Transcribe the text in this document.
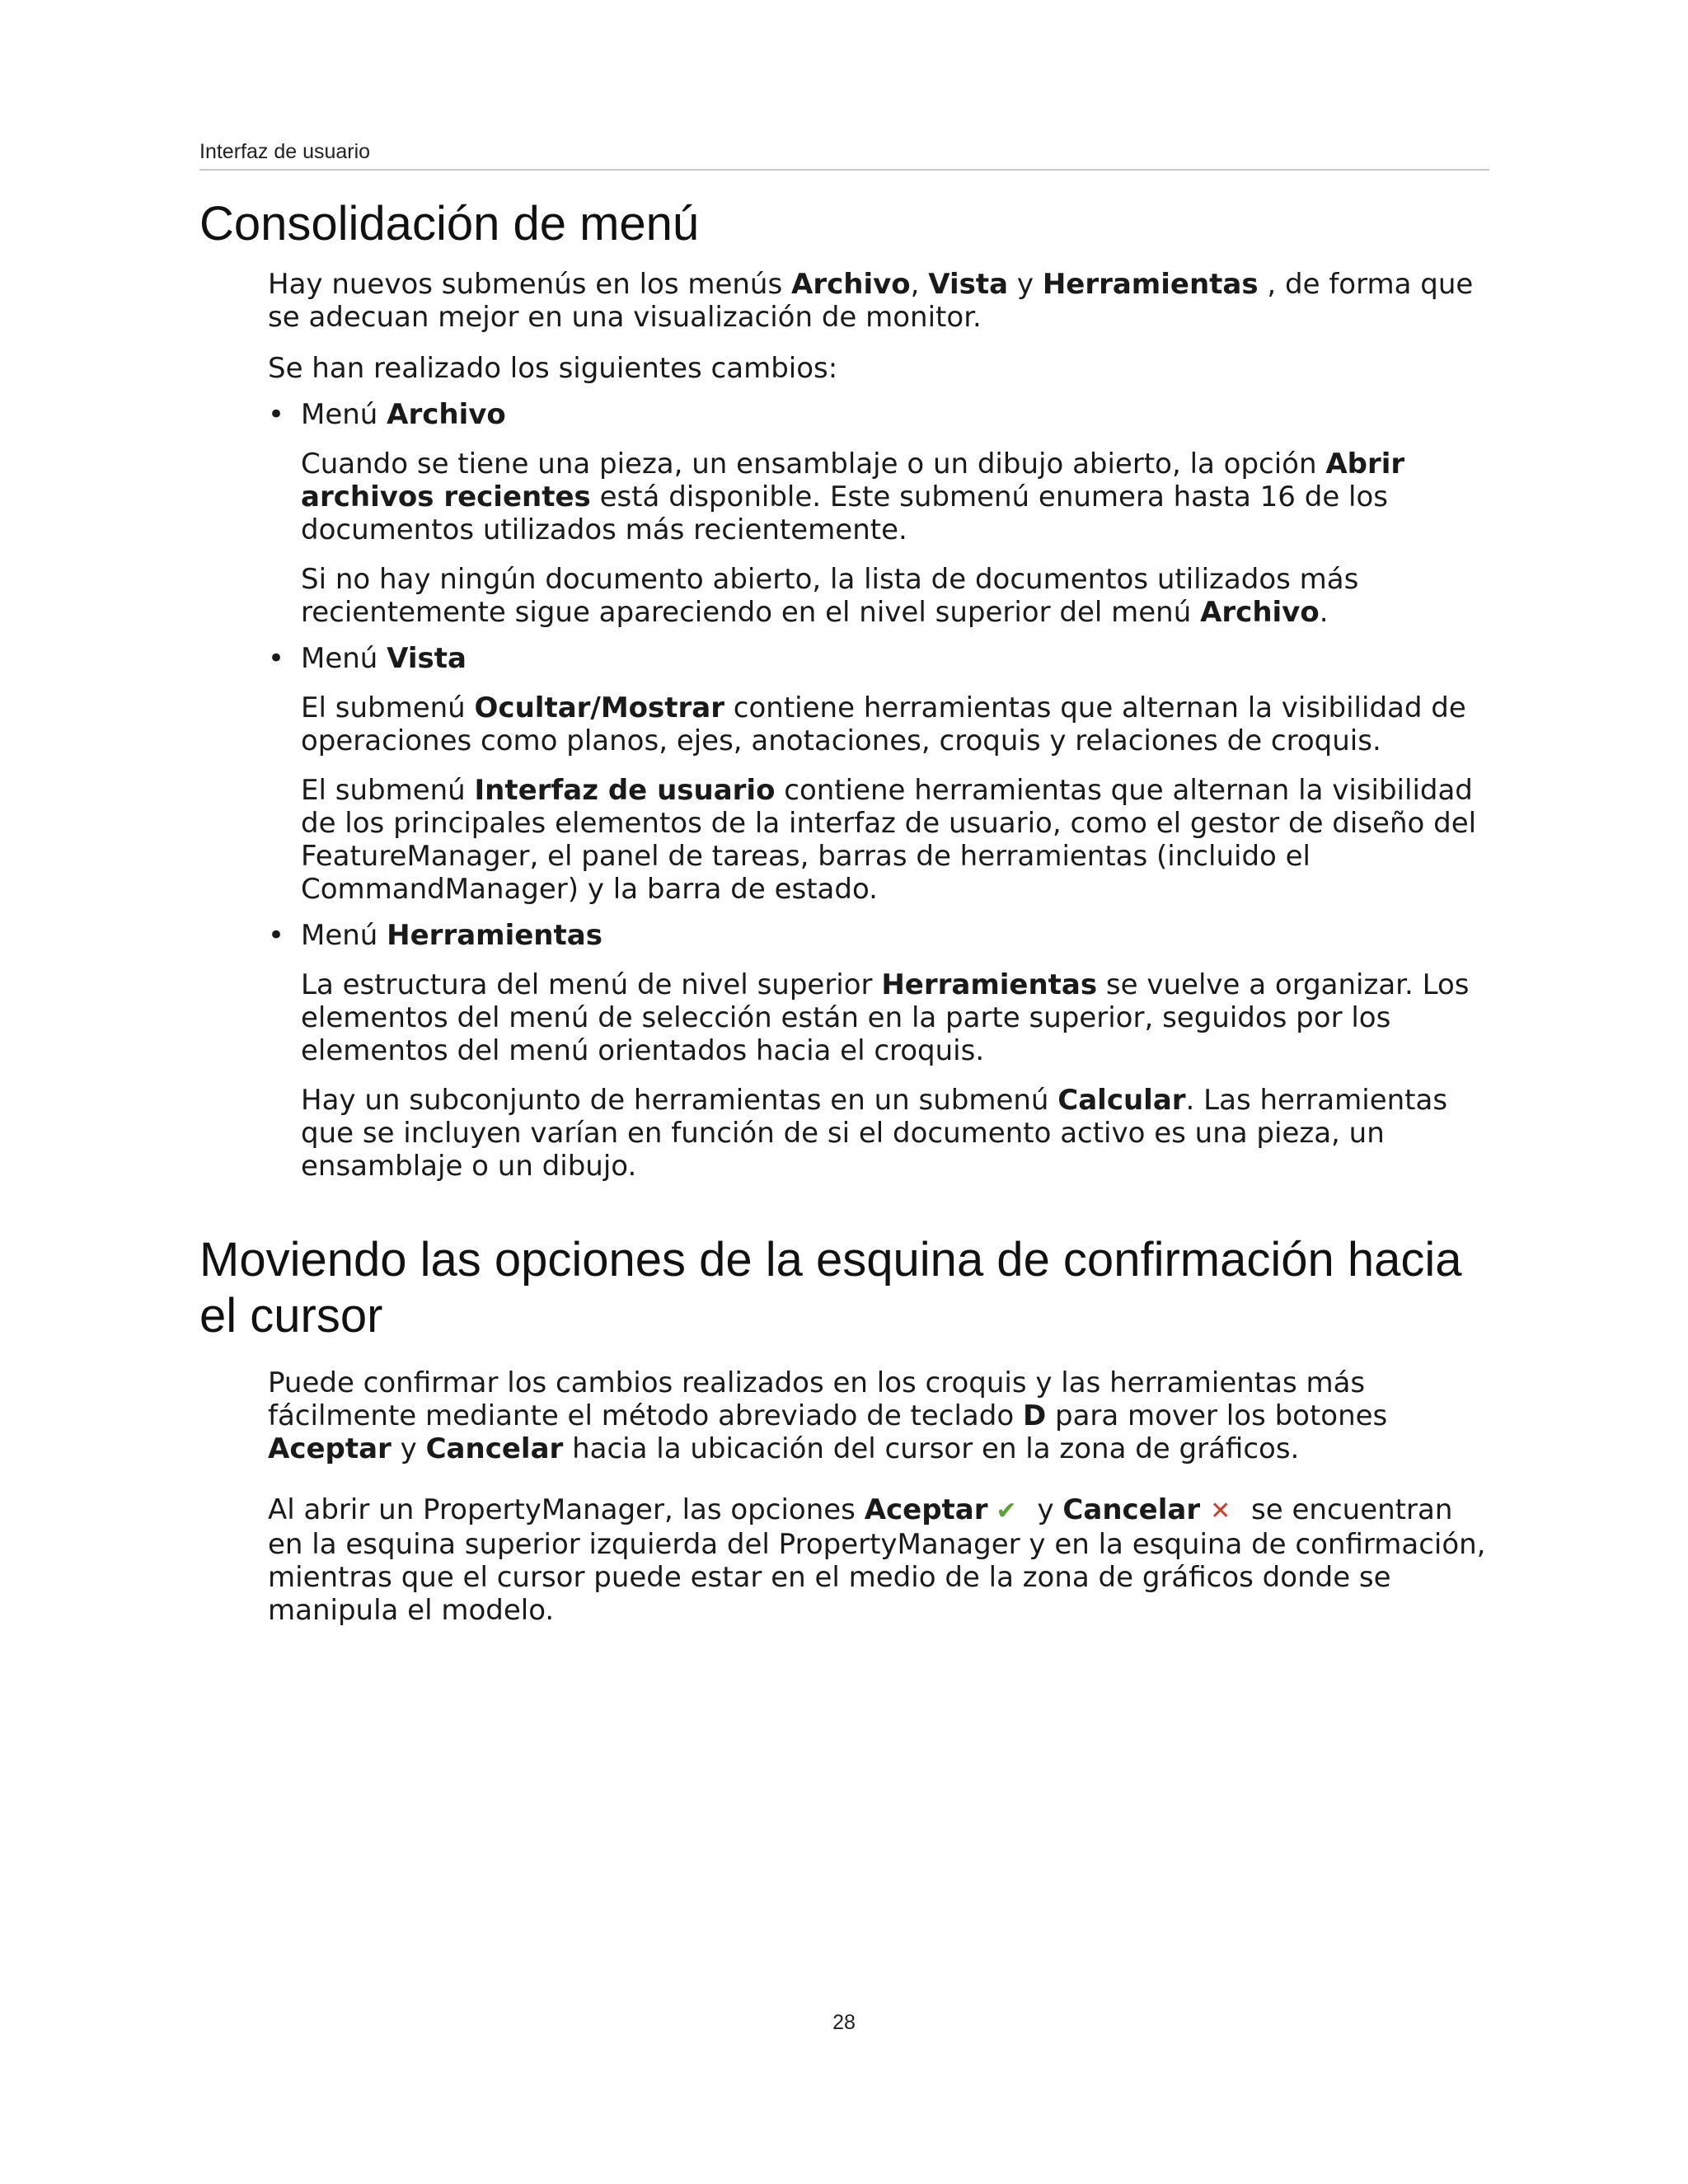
Interfaz de usuario
Consolidación de menú

Hay nuevos submenús en los menús Archivo, Vista y Herramientas , de forma que se adecuan mejor en una visualización de monitor.

Se han realizado los siguientes cambios:

• Menú Archivo

Cuando se tiene una pieza, un ensamblaje o un dibujo abierto, la opción Abrir archivos recientes está disponible. Este submenú enumera hasta 16 de los documentos utilizados más recientemente.

Si no hay ningún documento abierto, la lista de documentos utilizados más recientemente sigue apareciendo en el nivel superior del menú Archivo.

• Menú Vista

El submenú Ocultar/Mostrar contiene herramientas que alternan la visibilidad de operaciones como planos, ejes, anotaciones, croquis y relaciones de croquis.

El submenú Interfaz de usuario contiene herramientas que alternan la visibilidad de los principales elementos de la interfaz de usuario, como el gestor de diseño del FeatureManager, el panel de tareas, barras de herramientas (incluido el CommandManager) y la barra de estado.

• Menú Herramientas

La estructura del menú de nivel superior Herramientas se vuelve a organizar. Los elementos del menú de selección están en la parte superior, seguidos por los elementos del menú orientados hacia el croquis.

Hay un subconjunto de herramientas en un submenú Calcular. Las herramientas que se incluyen varían en función de si el documento activo es una pieza, un ensamblaje o un dibujo.

Moviendo las opciones de la esquina de confirmación hacia el cursor

Puede confirmar los cambios realizados en los croquis y las herramientas más fácilmente mediante el método abreviado de teclado D para mover los botones Aceptar y Cancelar hacia la ubicación del cursor en la zona de gráficos.

Al abrir un PropertyManager, las opciones Aceptar ✔ y Cancelar ✕ se encuentran en la esquina superior izquierda del PropertyManager y en la esquina de confirmación, mientras que el cursor puede estar en el medio de la zona de gráficos donde se manipula el modelo.

28
